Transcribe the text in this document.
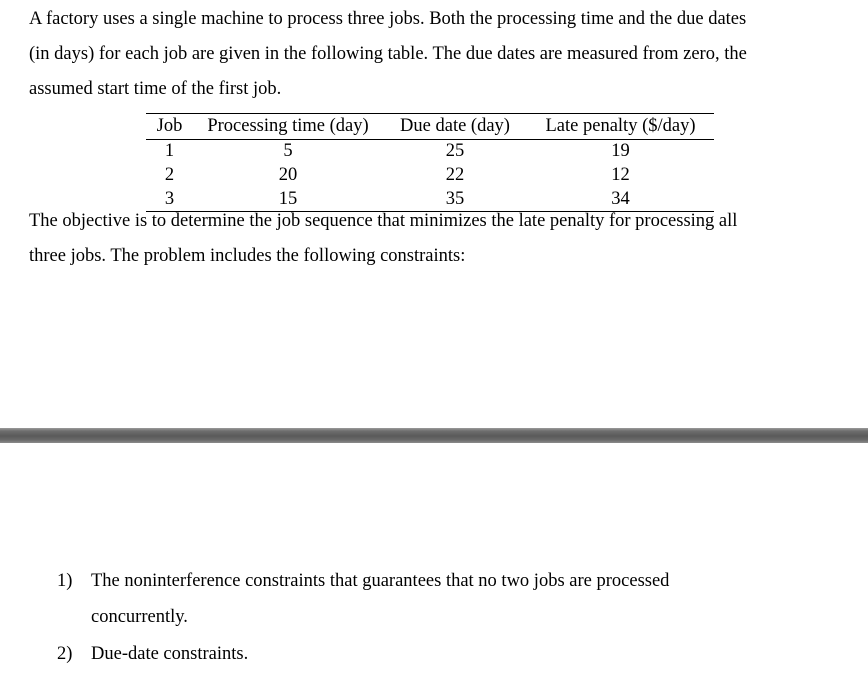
A factory uses a single machine to process three jobs. Both the processing time and the due dates
(in days) for each job are given in the following table. The due dates are measured from zero, the
assumed start time of the first job.

Job	Processing time (day)	Due date (day)	Late penalty ($/day)
1	5	25	19
2	20	22	12
3	15	35	34

The objective is to determine the job sequence that minimizes the late penalty for processing all
three jobs. The problem includes the following constraints:

1) The noninterference constraints that guarantees that no two jobs are processed
concurrently.
2) Due-date constraints.
